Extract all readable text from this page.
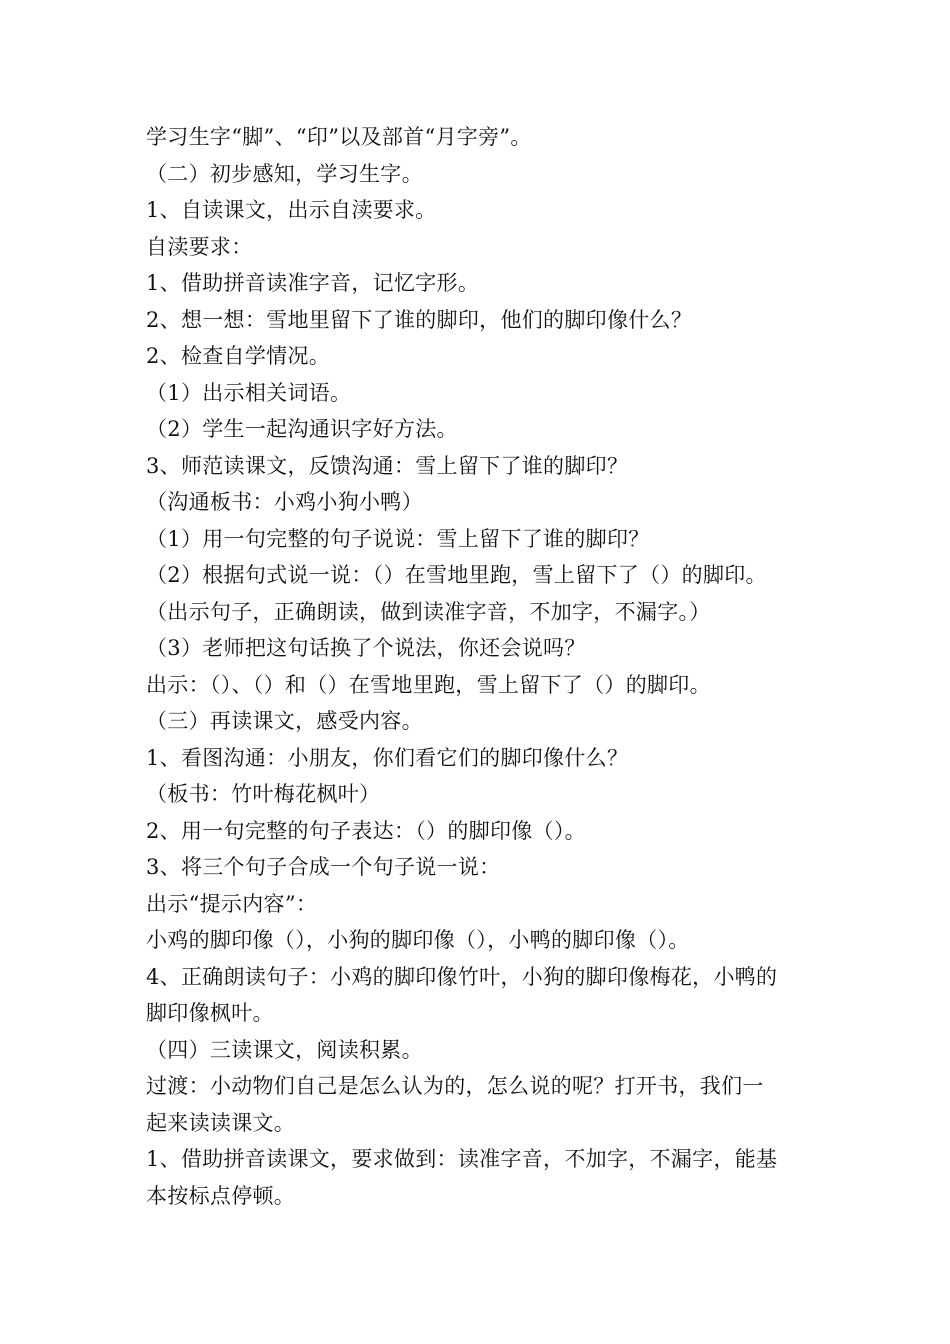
学习生字“脚”、“印”以及部首“月字旁”。
（二）初步感知，学习生字。
1、自读课文，出示自渎要求。
自渎要求：
1、借助拼音读准字音，记忆字形。
2、想一想：雪地里留下了谁的脚印，他们的脚印像什么？
2、检查自学情况。
（1）出示相关词语。
（2）学生一起沟通识字好方法。
3、师范读课文，反馈沟通：雪上留下了谁的脚印？
（沟通板书：小鸡小狗小鸭）
（1）用一句完整的句子说说：雪上留下了谁的脚印？
（2）根据句式说一说：（）在雪地里跑，雪上留下了（）的脚印。
（出示句子，正确朗读，做到读准字音，不加字，不漏字。）
（3）老师把这句话换了个说法，你还会说吗？
出示：（）、（）和（）在雪地里跑，雪上留下了（）的脚印。
（三）再读课文，感受内容。
1、看图沟通：小朋友，你们看它们的脚印像什么？
（板书：竹叶梅花枫叶）
2、用一句完整的句子表达：（）的脚印像（）。
3、将三个句子合成一个句子说一说：
出示“提示内容”：
小鸡的脚印像（），小狗的脚印像（），小鸭的脚印像（）。
4、正确朗读句子：小鸡的脚印像竹叶，小狗的脚印像梅花，小鸭的
脚印像枫叶。
（四）三读课文，阅读积累。
过渡：小动物们自己是怎么认为的，怎么说的呢？打开书，我们一
起来读读课文。
1、借助拼音读课文，要求做到：读准字音，不加字，不漏字，能基
本按标点停顿。
